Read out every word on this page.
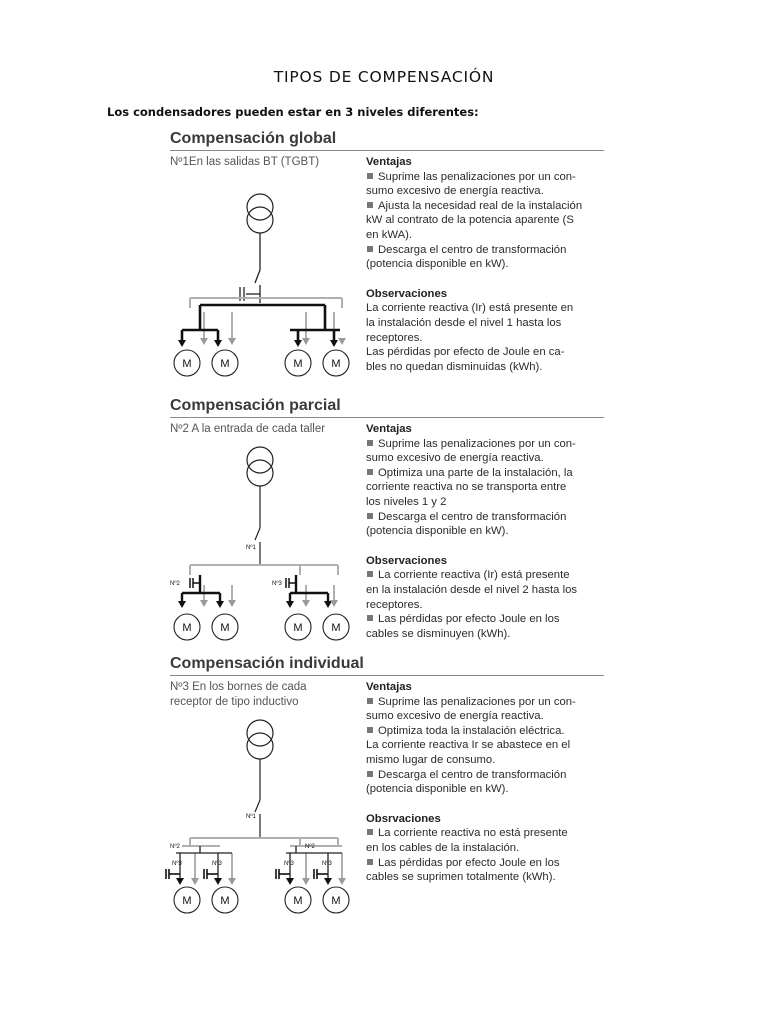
TIPOS DE COMPENSACIÓN
Los condensadores pueden estar en 3 niveles diferentes:
Compensación global
Nº1En las salidas BT (TGBT)	Ventajas
Suprime las penalizaciones por un con-
sumo excesivo de energía reactiva.
Ajusta la necesidad real de la instalación
kW al contrato de la potencia aparente (S
en kWA).
Descarga el centro de transformación
(potencia disponible en kW).
Observaciones
La corriente reactiva (Ir) está presente en
la instalación desde el nivel 1 hasta los
receptores.
Las pérdidas por efecto de Joule en ca-
bles no quedan disminuidas (kWh).
M	M	M	M
Compensación parcial
Nº2 A la entrada de cada taller	Ventajas
Suprime las penalizaciones por un con-
sumo excesivo de energía reactiva.
Optimiza una parte de la instalación, la
corriente reactiva no se transporta entre
los niveles 1 y 2
Descarga el centro de transformación
(potencia disponible en kW).
Observaciones
La corriente reactiva (Ir) está presente
en la instalación desde el nivel 2 hasta los
receptores.
Las pérdidas por efecto Joule en los
cables se disminuyen (kWh).
Nº1
Nº2	Nº3
M	M	M	M
Compensación individual
Nº3 En los bornes de cada receptor de tipo inductivo
Ventajas
Suprime las penalizaciones por un con-
sumo excesivo de energía reactiva.
Optimiza toda la instalación eléctrica.
La corriente reactiva Ir se abastece en el
mismo lugar de consumo.
Descarga el centro de transformación
(potencia disponible en kW).
Obsrvaciones
La corriente reactiva no está presente
en los cables de la instalación.
Las pérdidas por efecto Joule en los
cables se suprimen totalmente (kWh).
Nº1
Nº2	Nº2
Nº3	Nº3	Nº3	Nº3
M	M	M	M
